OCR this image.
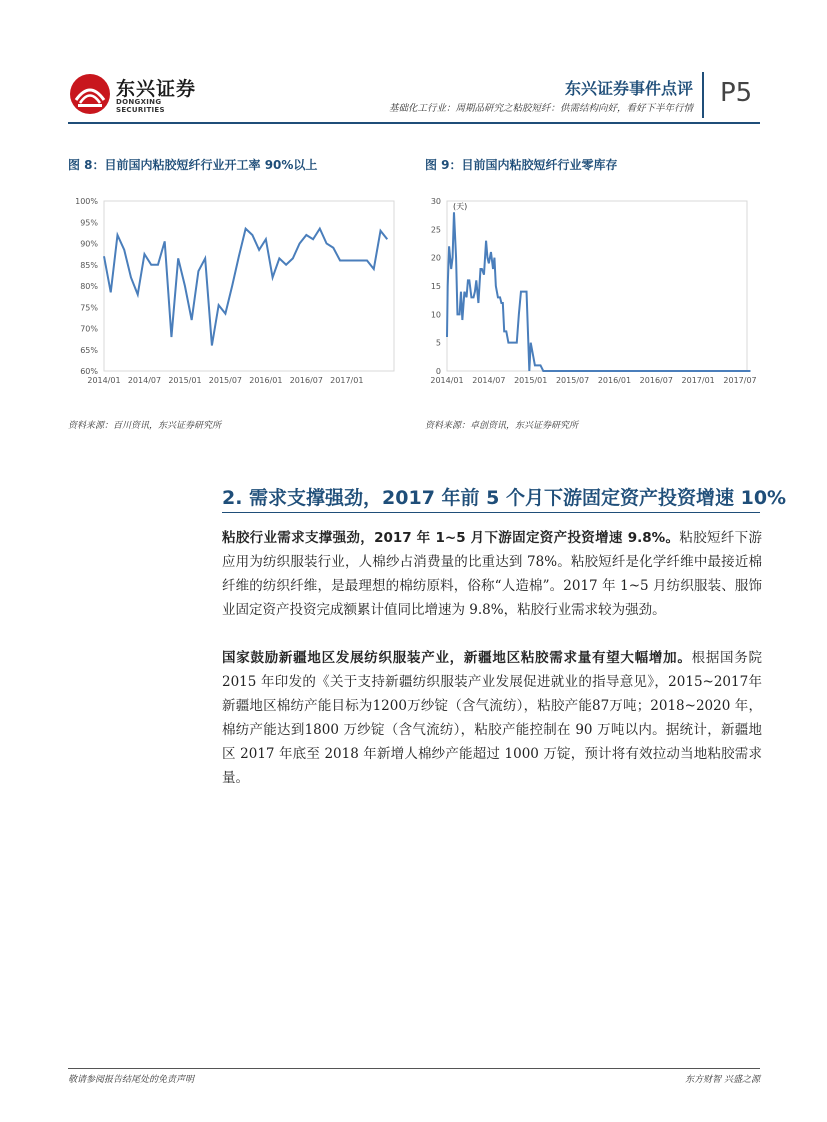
东兴证券
DONGXING SECURITIES
东兴证券事件点评
基础化工行业：周期品研究之粘胶短纤：供需结构向好，看好下半年行情
P5
图 8：目前国内粘胶短纤行业开工率 90%以上
100%
95%
90%
85%
80%
75%
70%
65%
60%
2014/01 2014/07 2015/01 2015/07 2016/01 2016/07 2017/01
资料来源：百川资讯，东兴证券研究所
图 9：目前国内粘胶短纤行业零库存
30
25
20
15
10
5
0
2014/01 2014/07 2015/01 2015/07 2016/01 2016/07 2017/01 2017/07
(天)
资料来源：卓创资讯，东兴证券研究所
2. 需求支撑强劲，2017 年前 5 个月下游固定资产投资增速 10%
粘胶行业需求支撑强劲，2017 年 1~5 月下游固定资产投资增速 9.8%。粘胶短纤下游应用为纺织服装行业，人棉纱占消费量的比重达到 78%。粘胶短纤是化学纤维中最接近棉纤维的纺织纤维，是最理想的棉纺原料，俗称“人造棉”。2017 年 1~5 月纺织服装、服饰业固定资产投资完成额累计值同比增速为 9.8%，粘胶行业需求较为强劲。
国家鼓励新疆地区发展纺织服装产业，新疆地区粘胶需求量有望大幅增加。根据国务院 2015 年印发的《关于支持新疆纺织服装产业发展促进就业的指导意见》，2015~2017年新疆地区棉纺产能目标为1200万纱锭（含气流纺），粘胶产能87万吨；2018~2020 年，棉纺产能达到1800 万纱锭（含气流纺），粘胶产能控制在 90 万吨以内。据统计，新疆地区 2017 年底至 2018 年新增人棉纱产能超过 1000 万锭，预计将有效拉动当地粘胶需求量。
敬请参阅报告结尾处的免责声明	东方财智 兴盛之源
